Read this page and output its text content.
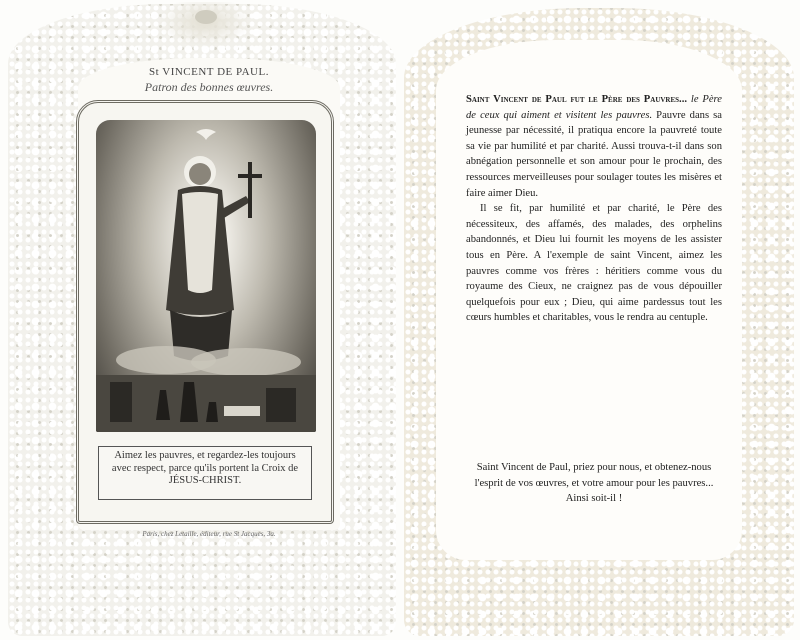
St VINCENT DE PAUL.
Patron des bonnes œuvres.
Aimez les pauvres, et regardez-les toujours avec respect, parce qu'ils portent la Croix de JÉSUS-CHRIST.
Paris, chez Letaille, éditeur, rue St Jacques, 3a.

Saint Vincent de Paul fut le Père des Pauvres... le Père de ceux qui aiment et visitent les pauvres. Pauvre dans sa jeunesse par nécessité, il pratiqua encore la pauvreté toute sa vie par humilité et par charité. Aussi trouva-t-il dans son abnégation personnelle et son amour pour le prochain, des ressources merveilleuses pour soulager toutes les misères et faire aimer Dieu.

Il se fit, par humilité et par charité, le Père des nécessiteux, des affamés, des malades, des orphelins abandonnés, et Dieu lui fournit les moyens de les assister tous en Père. A l'exemple de saint Vincent, aimez les pauvres comme vos frères : héritiers comme vous du royaume des Cieux, ne craignez pas de vous dépouiller quelquefois pour eux ; Dieu, qui aime pardessus tout les cœurs humbles et charitables, vous le rendra au centuple.

Saint Vincent de Paul, priez pour nous, et obtenez-nous l'esprit de vos œuvres, et votre amour pour les pauvres... Ainsi soit-il !
